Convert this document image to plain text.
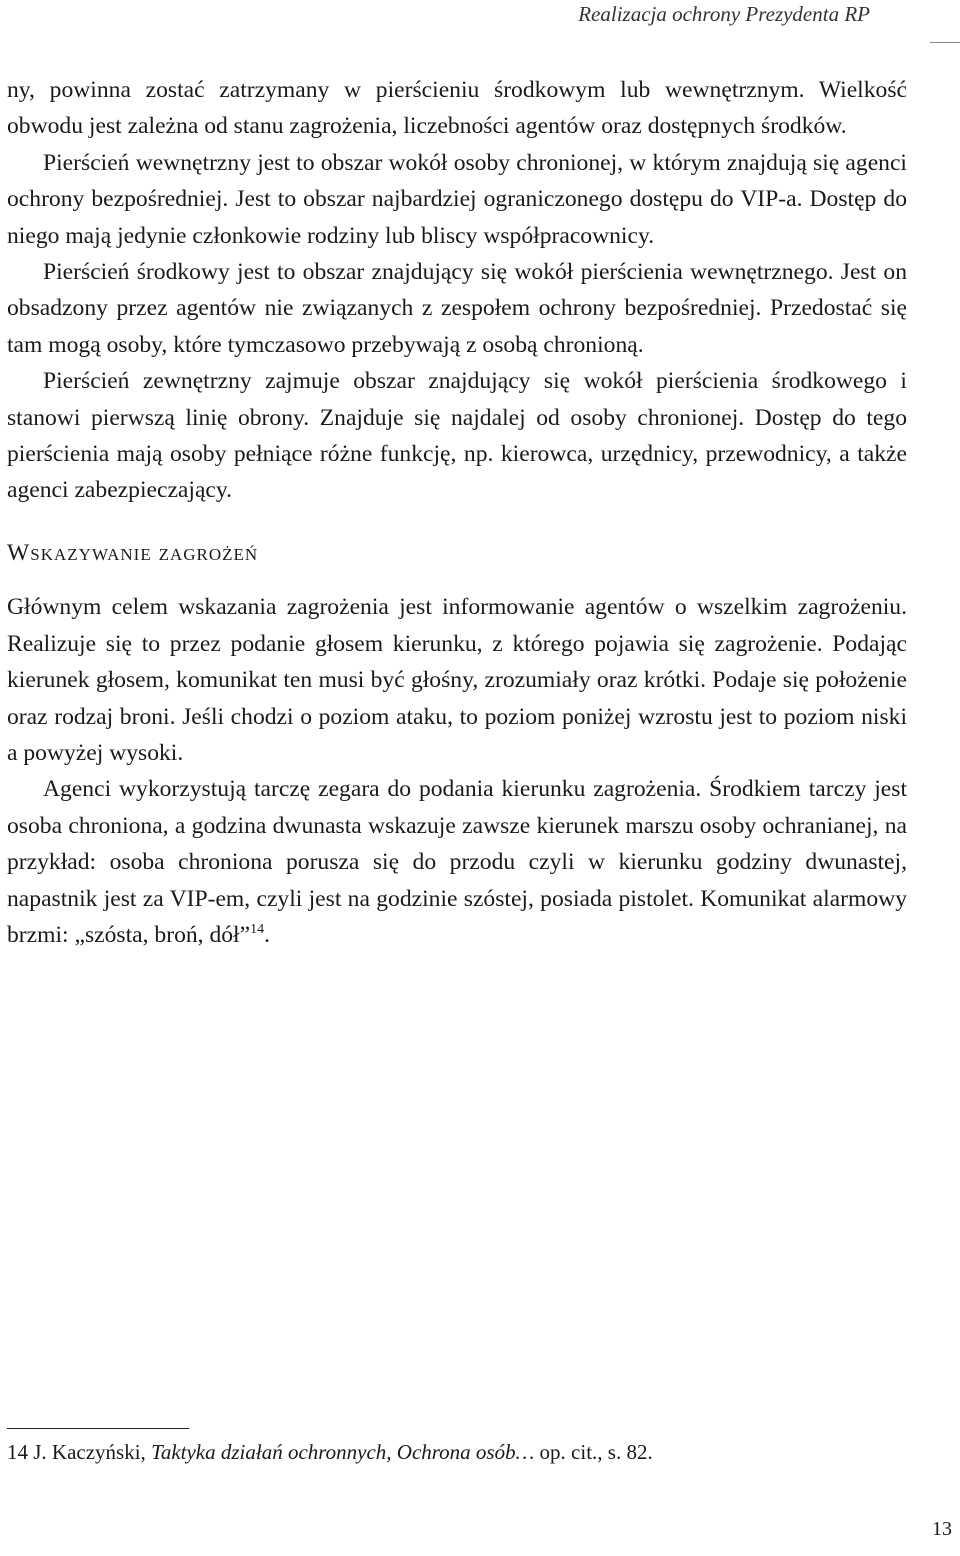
Realizacja ochrony Prezydenta RP

ny, powinna zostać zatrzymany w pierścieniu środkowym lub wewnętrznym. Wielkość obwodu jest zależna od stanu zagrożenia, liczebności agentów oraz dostępnych środków.

Pierścień wewnętrzny jest to obszar wokół osoby chronionej, w którym znajdują się agenci ochrony bezpośredniej. Jest to obszar najbardziej ograniczonego dostępu do VIP-a. Dostęp do niego mają jedynie członkowie rodziny lub bliscy współpracownicy.

Pierścień środkowy jest to obszar znajdujący się wokół pierścienia wewnętrznego. Jest on obsadzony przez agentów nie związanych z zespołem ochrony bezpośredniej. Przedostać się tam mogą osoby, które tymczasowo przebywają z osobą chronioną.

Pierścień zewnętrzny zajmuje obszar znajdujący się wokół pierścienia środkowego i stanowi pierwszą linię obrony. Znajduje się najdalej od osoby chronionej. Dostęp do tego pierścienia mają osoby pełniące różne funkcję, np. kierowca, urzędnicy, przewodnicy, a także agenci zabezpieczający.

Wskazywanie zagrożeń

Głównym celem wskazania zagrożenia jest informowanie agentów o wszelkim zagrożeniu. Realizuje się to przez podanie głosem kierunku, z którego pojawia się zagrożenie. Podając kierunek głosem, komunikat ten musi być głośny, zrozumiały oraz krótki. Podaje się położenie oraz rodzaj broni. Jeśli chodzi o poziom ataku, to poziom poniżej wzrostu jest to poziom niski a powyżej wysoki.

Agenci wykorzystują tarczę zegara do podania kierunku zagrożenia. Środkiem tarczy jest osoba chroniona, a godzina dwunasta wskazuje zawsze kierunek marszu osoby ochranianej, na przykład: osoba chroniona porusza się do przodu czyli w kierunku godziny dwunastej, napastnik jest za VIP-em, czyli jest na godzinie szóstej, posiada pistolet. Komunikat alarmowy brzmi: „szósta, broń, dół”$^{14}$.

14 J. Kaczyński, Taktyka działań ochronnych, Ochrona osób… op. cit., s. 82.
13
